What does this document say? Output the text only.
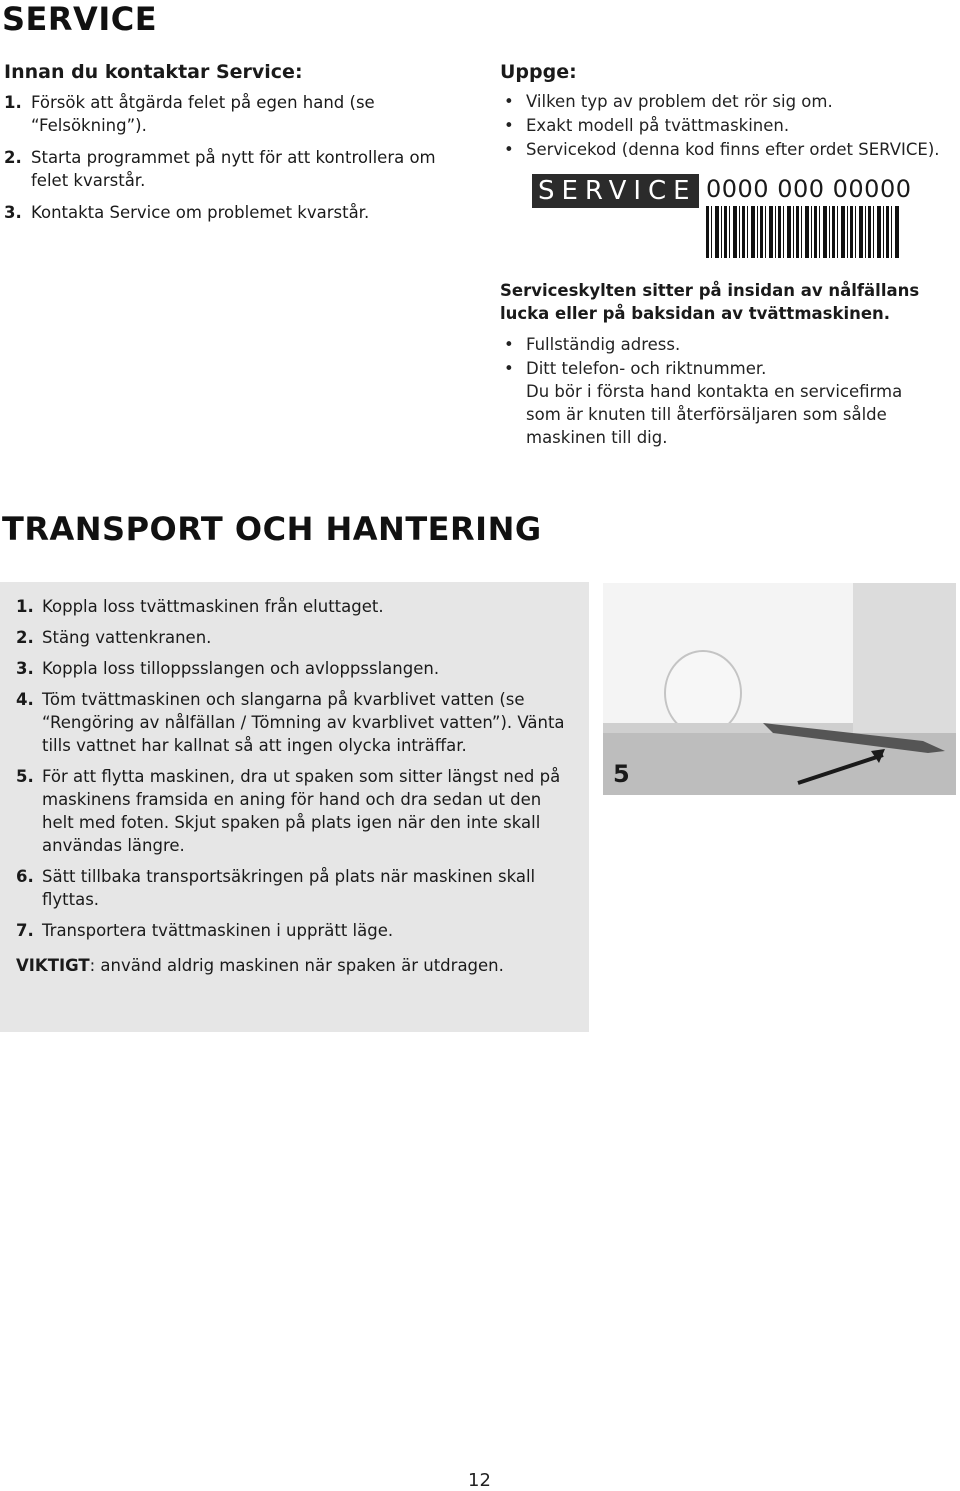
SERVICE
Innan du kontaktar Service:
1. Försök att åtgärda felet på egen hand (se “Felsökning”).
2. Starta programmet på nytt för att kontrollera om felet kvarstår.
3. Kontakta Service om problemet kvarstår.
Uppge:
• Vilken typ av problem det rör sig om.
• Exakt modell på tvättmaskinen.
• Servicekod (denna kod finns efter ordet SERVICE).
SERVICE 0000 000 00000
Serviceskylten sitter på insidan av nålfällans lucka eller på baksidan av tvättmaskinen.
• Fullständig adress.
• Ditt telefon- och riktnummer.
Du bör i första hand kontakta en servicefirma som är knuten till återförsäljaren som sålde maskinen till dig.
TRANSPORT OCH HANTERING
1. Koppla loss tvättmaskinen från eluttaget.
2. Stäng vattenkranen.
3. Koppla loss tilloppsslangen och avloppsslangen.
4. Töm tvättmaskinen och slangarna på kvarblivet vatten (se “Rengöring av nålfällan / Tömning av kvarblivet vatten”). Vänta tills vattnet har kallnat så att ingen olycka inträffar.
5. För att flytta maskinen, dra ut spaken som sitter längst ned på maskinens framsida en aning för hand och dra sedan ut den helt med foten. Skjut spaken på plats igen när den inte skall användas längre.
6. Sätt tillbaka transportsäkringen på plats när maskinen skall flyttas.
7. Transportera tvättmaskinen i upprätt läge.
VIKTIGT: använd aldrig maskinen när spaken är utdragen.
5
12
